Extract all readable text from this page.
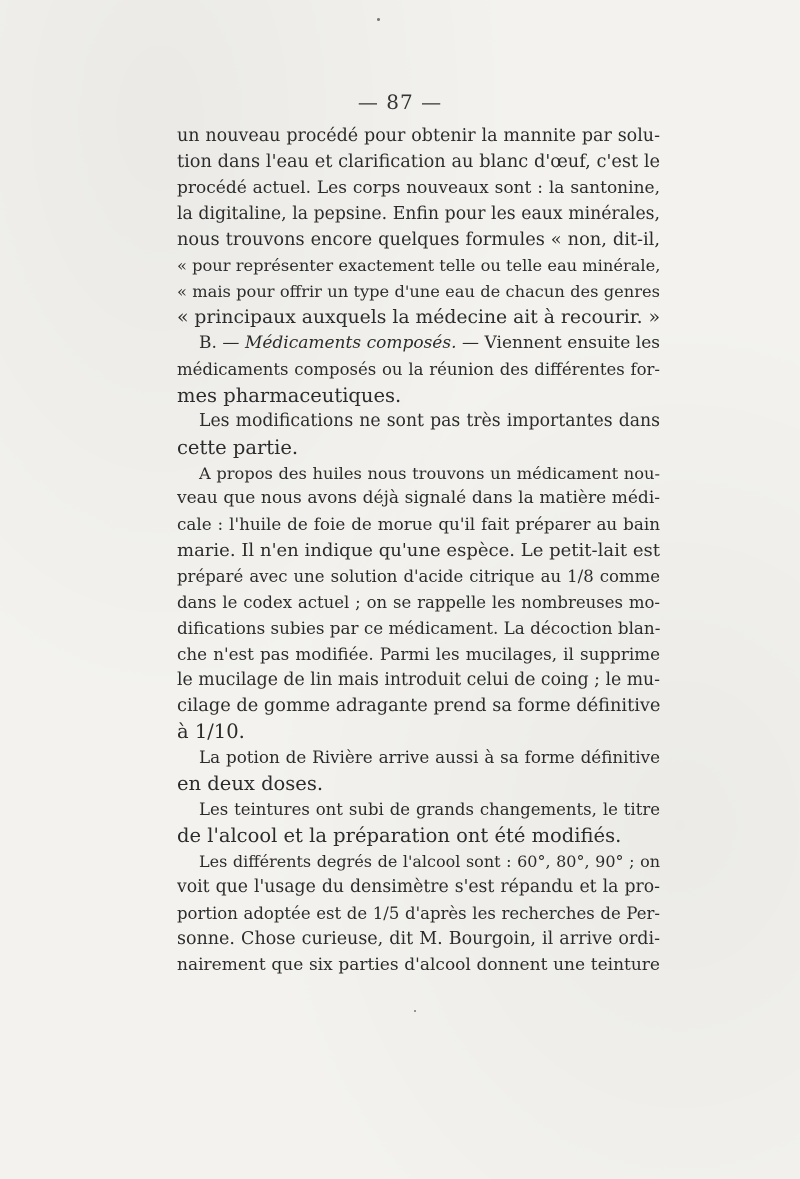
— 87 —
un nouveau procédé pour obtenir la mannite par solu-
tion dans l'eau et clarification au blanc d'œuf, c'est le
procédé actuel. Les corps nouveaux sont : la santonine,
la digitaline, la pepsine. Enfin pour les eaux minérales,
nous trouvons encore quelques formules « non, dit-il,
« pour représenter exactement telle ou telle eau minérale,
« mais pour offrir un type d'une eau de chacun des genres
« principaux auxquels la médecine ait à recourir. »
B. — Médicaments composés. — Viennent ensuite les
médicaments composés ou la réunion des différentes for-
mes pharmaceutiques.
Les modifications ne sont pas très importantes dans
cette partie.
A propos des huiles nous trouvons un médicament nou-
veau que nous avons déjà signalé dans la matière médi-
cale : l'huile de foie de morue qu'il fait préparer au bain
marie. Il n'en indique qu'une espèce. Le petit-lait est
préparé avec une solution d'acide citrique au 1/8 comme
dans le codex actuel ; on se rappelle les nombreuses mo-
difications subies par ce médicament. La décoction blan-
che n'est pas modifiée. Parmi les mucilages, il supprime
le mucilage de lin mais introduit celui de coing ; le mu-
cilage de gomme adragante prend sa forme définitive
à 1/10.
La potion de Rivière arrive aussi à sa forme définitive
en deux doses.
Les teintures ont subi de grands changements, le titre
de l'alcool et la préparation ont été modifiés.
Les différents degrés de l'alcool sont : 60°, 80°, 90° ; on
voit que l'usage du densimètre s'est répandu et la pro-
portion adoptée est de 1/5 d'après les recherches de Per-
sonne. Chose curieuse, dit M. Bourgoin, il arrive ordi-
nairement que six parties d'alcool donnent une teinture
